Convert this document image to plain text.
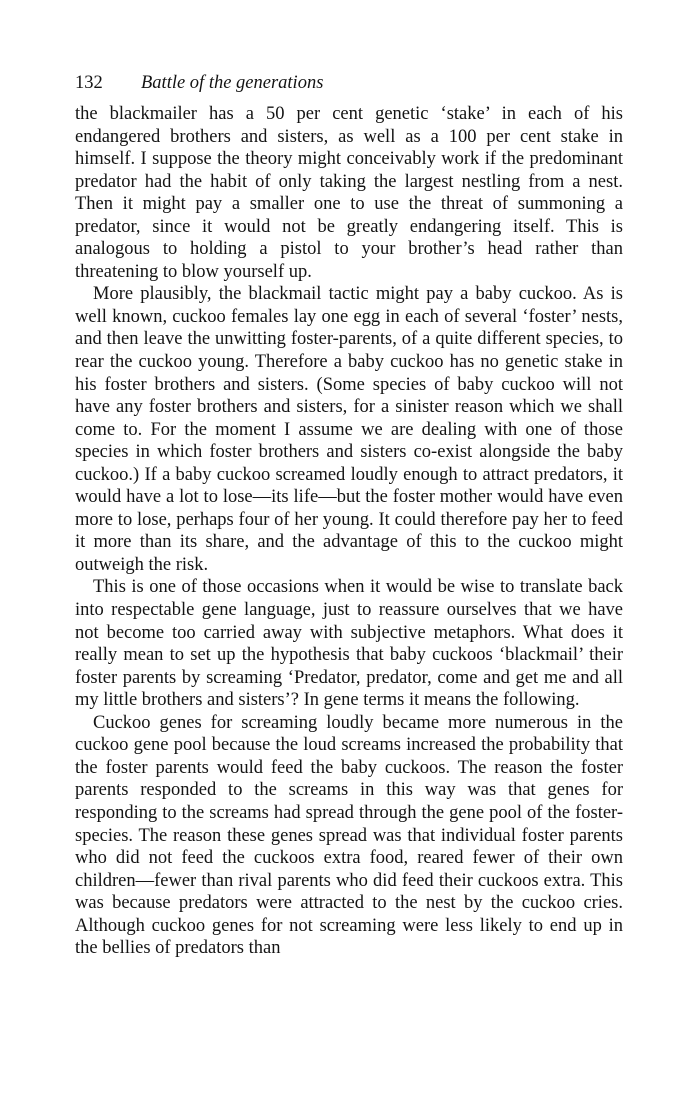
132 Battle of the generations

the blackmailer has a 50 per cent genetic ‘stake’ in each of his endangered brothers and sisters, as well as a 100 per cent stake in himself. I suppose the theory might conceivably work if the predominant predator had the habit of only taking the largest nestling from a nest. Then it might pay a smaller one to use the threat of summoning a predator, since it would not be greatly endangering itself. This is analogous to holding a pistol to your brother’s head rather than threatening to blow yourself up.

More plausibly, the blackmail tactic might pay a baby cuckoo. As is well known, cuckoo females lay one egg in each of several ‘foster’ nests, and then leave the unwitting foster-parents, of a quite different species, to rear the cuckoo young. Therefore a baby cuckoo has no genetic stake in his foster brothers and sisters. (Some species of baby cuckoo will not have any foster brothers and sisters, for a sinister reason which we shall come to. For the moment I assume we are dealing with one of those species in which foster brothers and sisters co-exist alongside the baby cuckoo.) If a baby cuckoo screamed loudly enough to attract predators, it would have a lot to lose—its life—but the foster mother would have even more to lose, perhaps four of her young. It could therefore pay her to feed it more than its share, and the advantage of this to the cuckoo might outweigh the risk.

This is one of those occasions when it would be wise to translate back into respectable gene language, just to reassure ourselves that we have not become too carried away with subjective metaphors. What does it really mean to set up the hypothesis that baby cuckoos ‘blackmail’ their foster parents by screaming ‘Predator, predator, come and get me and all my little brothers and sisters’? In gene terms it means the following.

Cuckoo genes for screaming loudly became more numerous in the cuckoo gene pool because the loud screams increased the probability that the foster parents would feed the baby cuckoos. The reason the foster parents responded to the screams in this way was that genes for responding to the screams had spread through the gene pool of the foster-species. The reason these genes spread was that individual foster parents who did not feed the cuckoos extra food, reared fewer of their own children—fewer than rival parents who did feed their cuckoos extra. This was because predators were attracted to the nest by the cuckoo cries. Although cuckoo genes for not screaming were less likely to end up in the bellies of predators than
